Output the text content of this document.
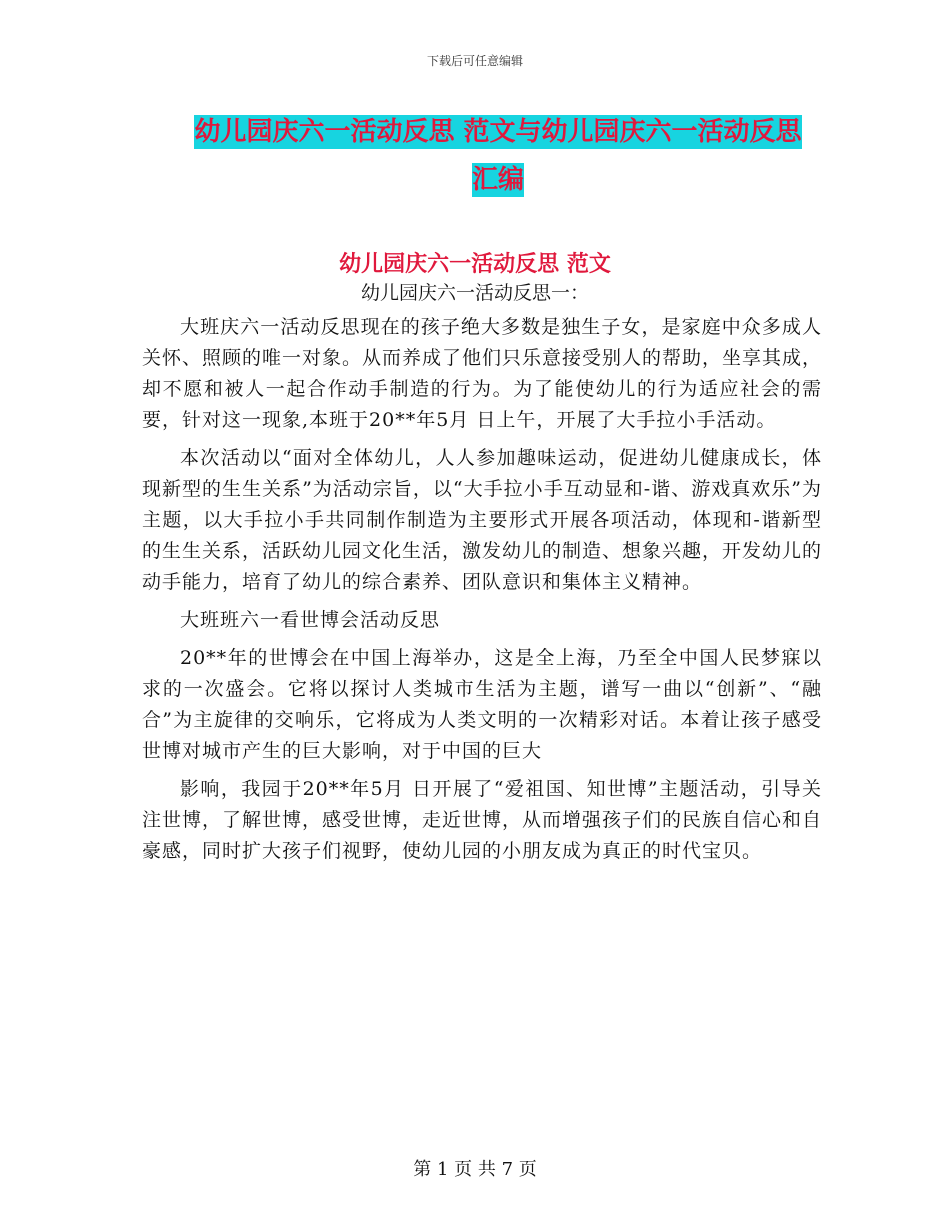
下载后可任意编辑
幼儿园庆六一活动反思 范文与幼儿园庆六一活动反思
汇编
幼儿园庆六一活动反思 范文
幼儿园庆六一活动反思一：

大班庆六一活动反思现在的孩子绝大多数是独生子女，是家庭中众多成人关怀、照顾的唯一对象。从而养成了他们只乐意接受别人的帮助，坐享其成，却不愿和被人一起合作动手制造的行为。为了能使幼儿的行为适应社会的需要，针对这一现象,本班于20**年5月 日上午，开展了大手拉小手活动。

本次活动以“面对全体幼儿，人人参加趣味运动，促进幼儿健康成长，体现新型的生生关系”为活动宗旨，以“大手拉小手互动显和-谐、游戏真欢乐”为主题，以大手拉小手共同制作制造为主要形式开展各项活动，体现和-谐新型的生生关系，活跃幼儿园文化生活，激发幼儿的制造、想象兴趣，开发幼儿的动手能力，培育了幼儿的综合素养、团队意识和集体主义精神。

大班班六一看世博会活动反思

20**年的世博会在中国上海举办，这是全上海，乃至全中国人民梦寐以求的一次盛会。它将以探讨人类城市生活为主题，谱写一曲以“创新”、“融合”为主旋律的交响乐，它将成为人类文明的一次精彩对话。本着让孩子感受世博对城市产生的巨大影响，对于中国的巨大

影响，我园于20**年5月 日开展了“爱祖国、知世博”主题活动，引导关注世博，了解世博，感受世博，走近世博，从而增强孩子们的民族自信心和自豪感，同时扩大孩子们视野，使幼儿园的小朋友成为真正的时代宝贝。

第 1 页 共 7 页
